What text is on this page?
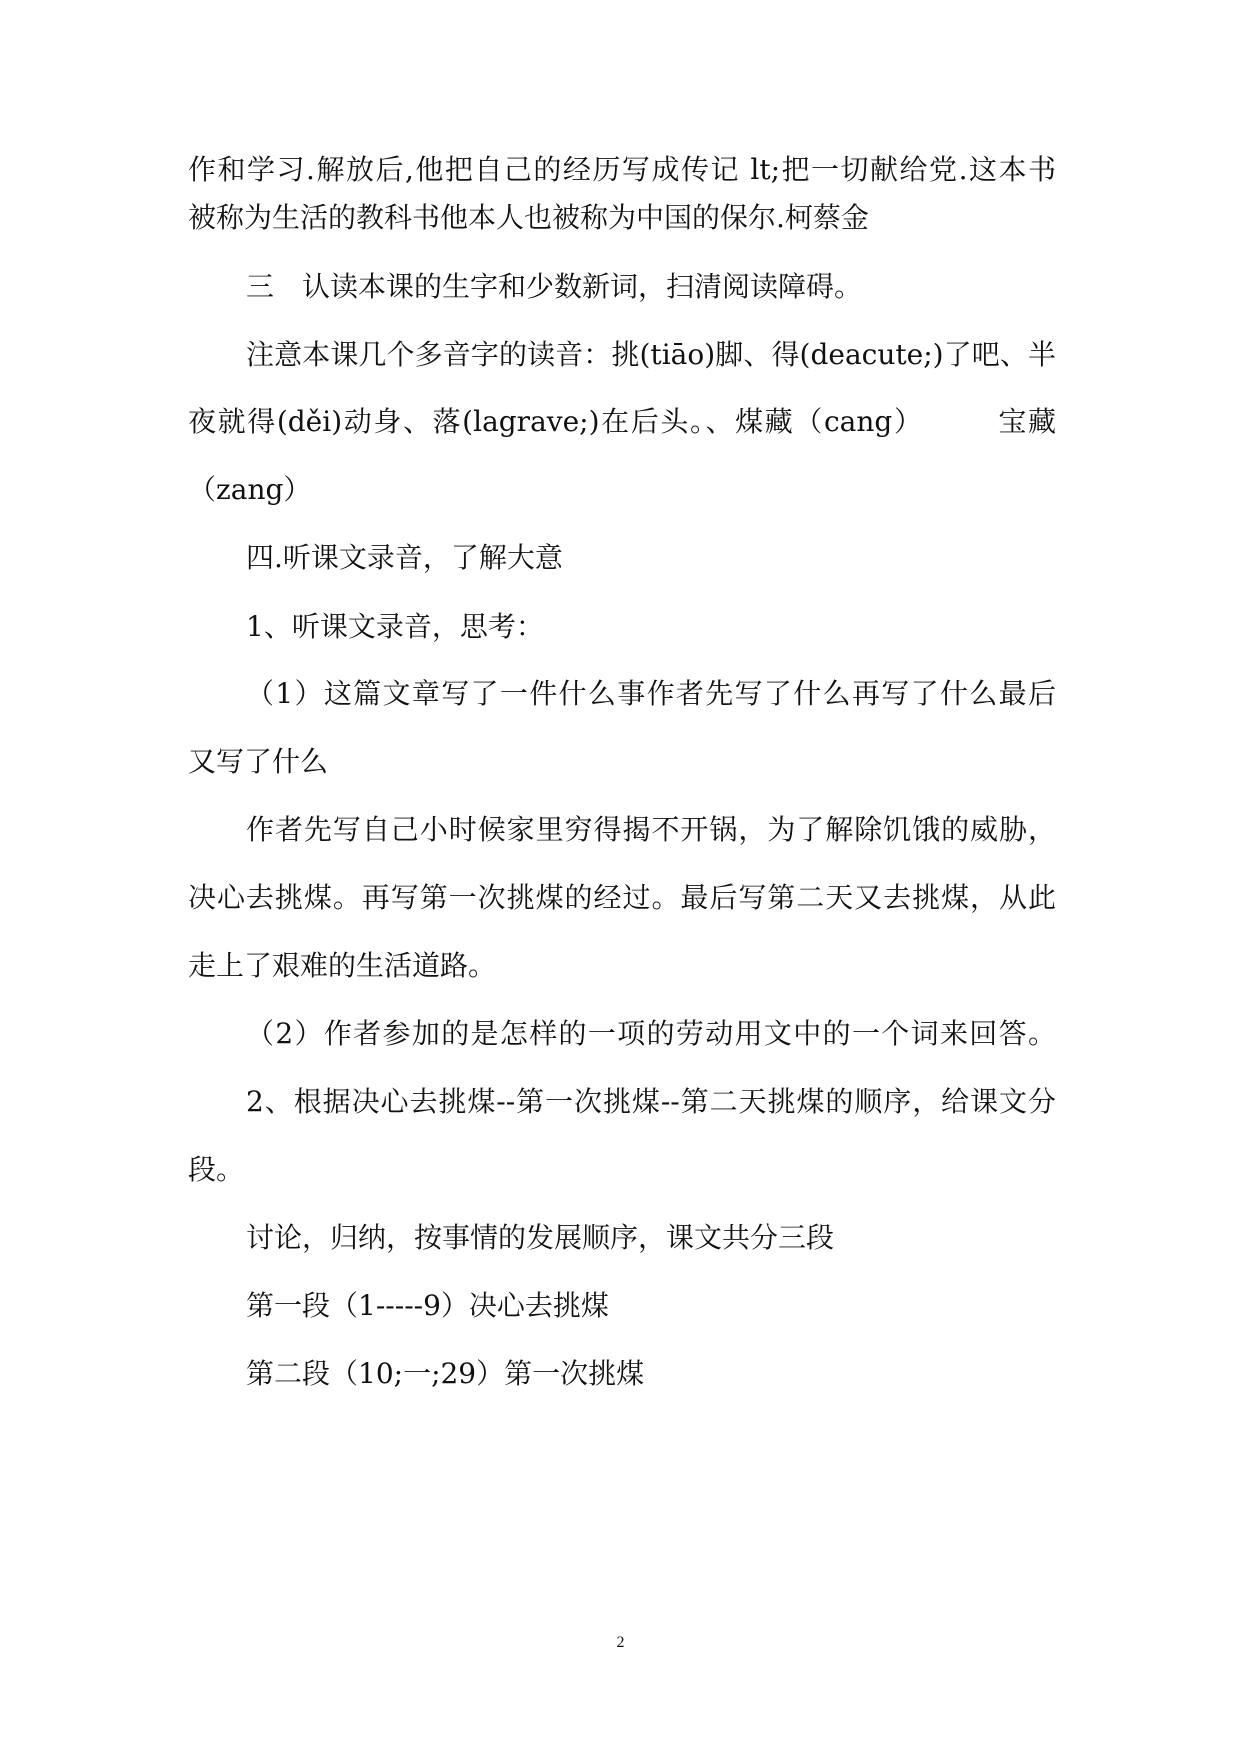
作和学习.解放后,他把自己的经历写成传记 lt;把一切献给党.这本书
被称为生活的教科书他本人也被称为中国的保尔.柯蔡金
三　认读本课的生字和少数新词，扫清阅读障碍。
注意本课几个多音字的读音：挑(tiāo)脚、得(deacute;)了吧、半
夜就得(děi)动身、落(lagrave;)在后头。、煤藏（cang）　　　宝藏
（zang）
四.听课文录音，了解大意
1、听课文录音，思考：
（1）这篇文章写了一件什么事作者先写了什么再写了什么最后
又写了什么
作者先写自己小时候家里穷得揭不开锅，为了解除饥饿的威胁，
决心去挑煤。再写第一次挑煤的经过。最后写第二天又去挑煤，从此
走上了艰难的生活道路。
（2）作者参加的是怎样的一项的劳动用文中的一个词来回答。
2、根据决心去挑煤--第一次挑煤--第二天挑煤的顺序，给课文分
段。
讨论，归纳，按事情的发展顺序，课文共分三段
第一段（1-----9）决心去挑煤
第二段（10;一;29）第一次挑煤
2
